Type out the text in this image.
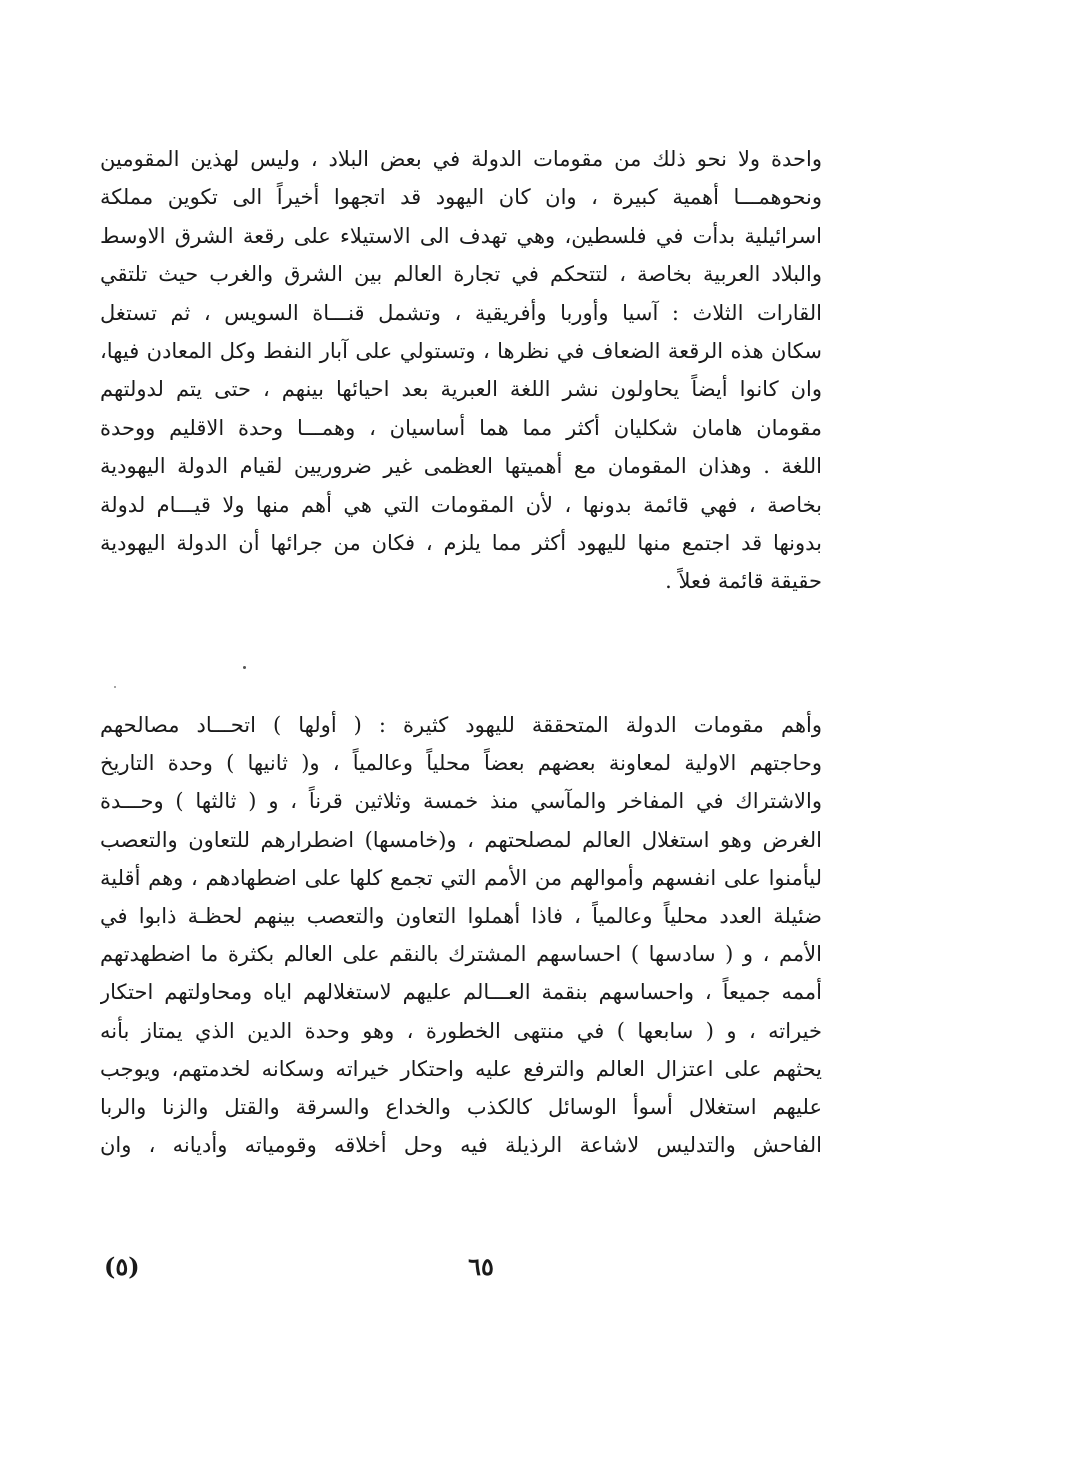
واحدة ولا نحو ذلك من مقومات الدولة في بعض البلاد ، وليس لهذين المقومين
ونحوهمـــا أهمية كبيرة ، وان كان اليهود قد اتجهوا أخيراً الى تكوين مملكة
اسرائيلية بدأت في فلسطين، وهي تهدف الى الاستيلاء على رقعة الشرق الاوسط
والبلاد العربية بخاصة ، لتتحكم في تجارة العالم بين الشرق والغرب حيث تلتقي
القارات الثلاث : آسيا وأوربا وأفريقية ، وتشمل قنـــاة السويس ، ثم تستغل
سكان هذه الرقعة الضعاف في نظرها ، وتستولي على آبار النفط وكل المعادن فيها،
وان كانوا أيضاً يحاولون نشر اللغة العبرية بعد احيائها بينهم ، حتى يتم لدولتهم
مقومان هامان شكليان أكثر مما هما أساسيان ، وهمـــا وحدة الاقليم ووحدة
اللغة . وهذان المقومان مع أهميتها العظمى غير ضروريين لقيام الدولة اليهودية
بخاصة ، فهي قائمة بدونها ، لأن المقومات التي هي أهم منها ولا قيـــام لدولة
بدونها قد اجتمع منها لليهود أكثر مما يلزم ، فكان من جرائها أن الدولة اليهودية
حقيقة قائمة فعلاً .
وأهم مقومات الدولة المتحققة لليهود كثيرة : ( أولها ) اتحـــاد مصالحهم
وحاجتهم الاولية لمعاونة بعضهم بعضاً محلياً وعالمياً ، و( ثانيها ) وحدة التاريخ
والاشتراك في المفاخر والمآسي منذ خمسة وثلاثين قرناً ، و ( ثالثها ) وحـــدة
الغرض وهو استغلال العالم لمصلحتهم ، و(خامسها) اضطرارهم للتعاون والتعصب
ليأمنوا على انفسهم وأموالهم من الأمم التي تجمع كلها على اضطهادهم ، وهم أقلية
ضئيلة العدد محلياً وعالمياً ، فاذا أهملوا التعاون والتعصب بينهم لحظـة ذابوا في
الأمم ، و ( سادسها ) احساسهم المشترك بالنقم على العالم بكثرة ما اضطهدتهم
أممه جميعاً ، واحساسهم بنقمة العـــالم عليهم لاستغلالهم اياه ومحاولتهم احتكار
خيراته ، و ( سابعها ) في منتهى الخطورة ، وهو وحدة الدين الذي يمتاز بأنه
يحثهم على اعتزال العالم والترفع عليه واحتكار خيراته وسكانه لخدمتهم، ويوجب
عليهم استغلال أسوأ الوسائل كالكذب والخداع والسرقة والقتل والزنا والربا
الفاحش والتدليس لاشاعة الرذيلة فيه وحل أخلاقه وقومياته وأديانه ، وان
٦٥
(٥)
